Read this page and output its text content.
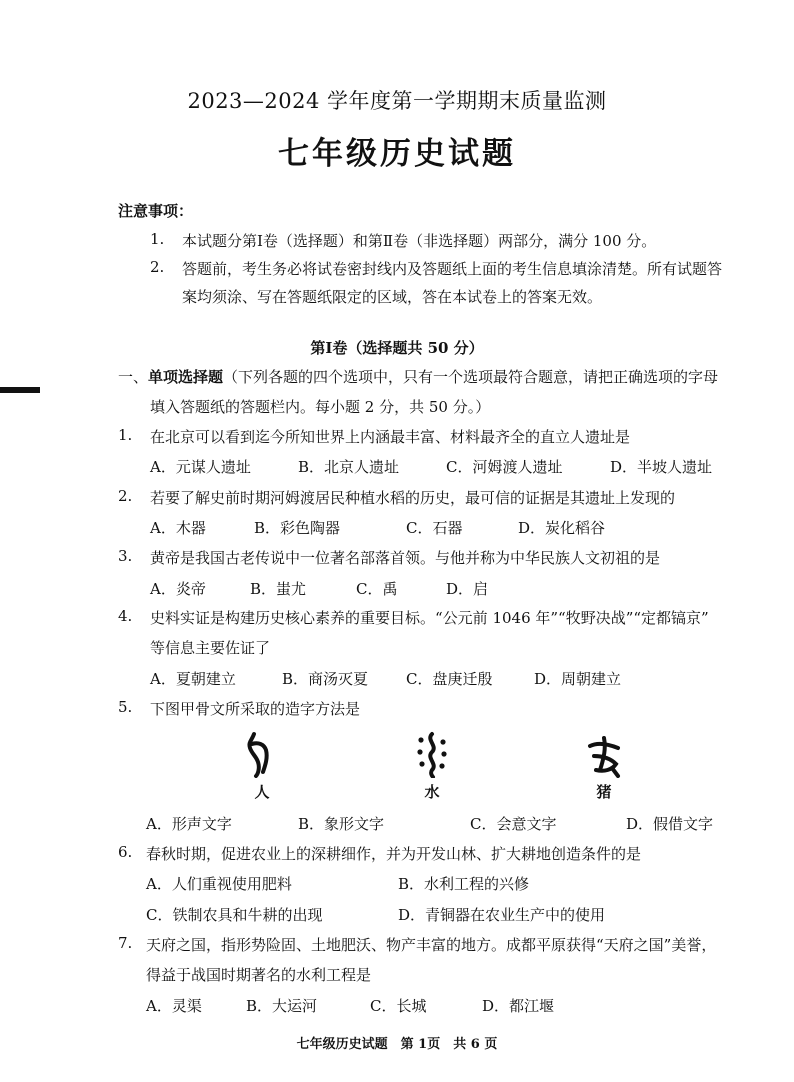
2023—2024 学年度第一学期期末质量监测
七年级历史试题
注意事项：
1. 本试题分第Ⅰ卷（选择题）和第Ⅱ卷（非选择题）两部分，满分 100 分。
2. 答题前，考生务必将试卷密封线内及答题纸上面的考生信息填涂清楚。所有试题答
案均须涂、写在答题纸限定的区域，答在本试卷上的答案无效。
第Ⅰ卷（选择题共 50 分）
一、单项选择题（下列各题的四个选项中，只有一个选项最符合题意，请把正确选项的字母
填入答题纸的答题栏内。每小题 2 分，共 50 分。）
1. 在北京可以看到迄今所知世界上内涵最丰富、材料最齐全的直立人遗址是
A．元谋人遗址	B．北京人遗址	C．河姆渡人遗址	D．半坡人遗址
2. 若要了解史前时期河姆渡居民种植水稻的历史，最可信的证据是其遗址上发现的
A．木器	B．彩色陶器	C．石器	D．炭化稻谷
3. 黄帝是我国古老传说中一位著名部落首领。与他并称为中华民族人文初祖的是
A．炎帝	B．蚩尤	C．禹	D．启
4. 史料实证是构建历史核心素养的重要目标。“公元前 1046 年”“牧野决战”“定都镐京”
等信息主要佐证了
A．夏朝建立	B．商汤灭夏	C．盘庚迁殷	D．周朝建立
5. 下图甲骨文所采取的造字方法是
人	水	猪
A．形声文字	B．象形文字	C．会意文字	D．假借文字
6. 春秋时期，促进农业上的深耕细作，并为开发山林、扩大耕地创造条件的是
A．人们重视使用肥料	B．水利工程的兴修
C．铁制农具和牛耕的出现	D．青铜器在农业生产中的使用
7. 天府之国，指形势险固、土地肥沃、物产丰富的地方。成都平原获得“天府之国”美誉，
得益于战国时期著名的水利工程是
A．灵渠	B．大运河	C．长城	D．都江堰
七年级历史试题　第 1页　共 6 页
